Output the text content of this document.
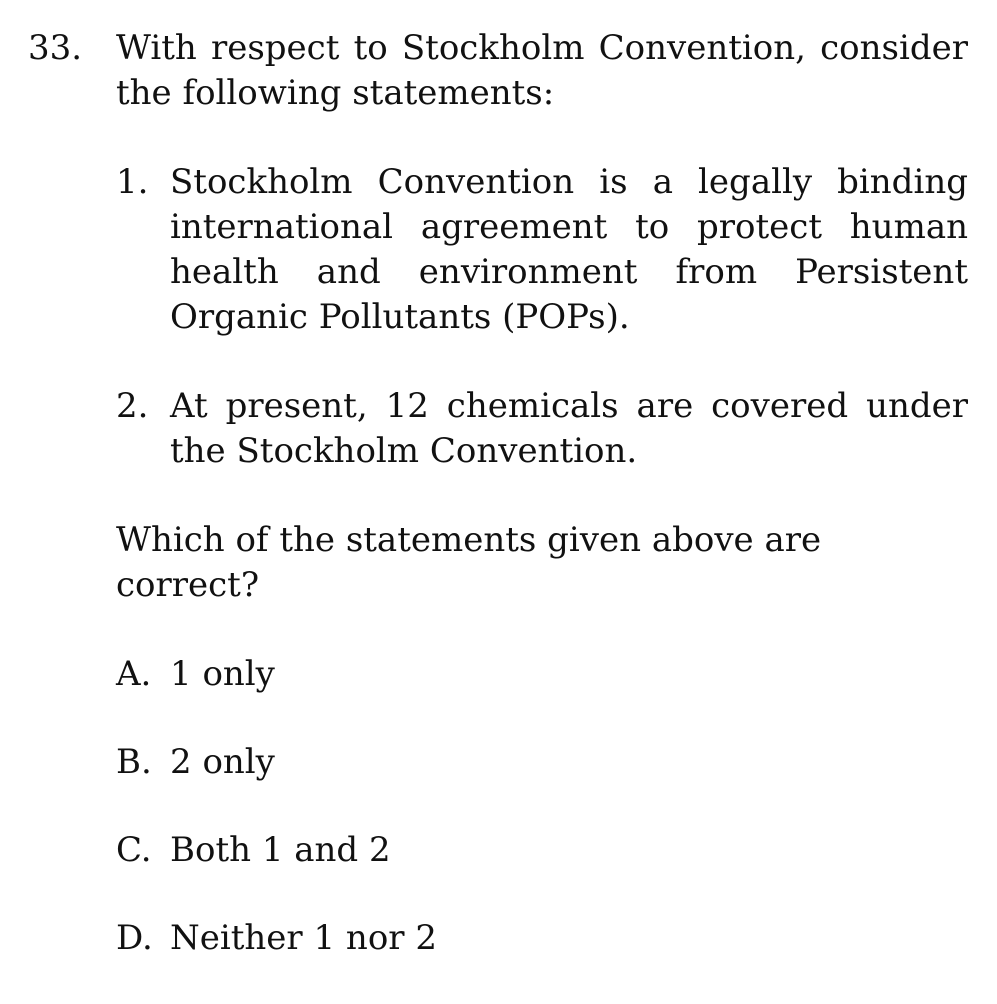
33. With respect to Stockholm Convention, consider the following statements:
1. Stockholm Convention is a legally binding international agreement to protect human health and environment from Persistent Organic Pollutants (POPs).
2. At present, 12 chemicals are covered under the Stockholm Convention.
Which of the statements given above are correct?
A. 1 only
B. 2 only
C. Both 1 and 2
D. Neither 1 nor 2
